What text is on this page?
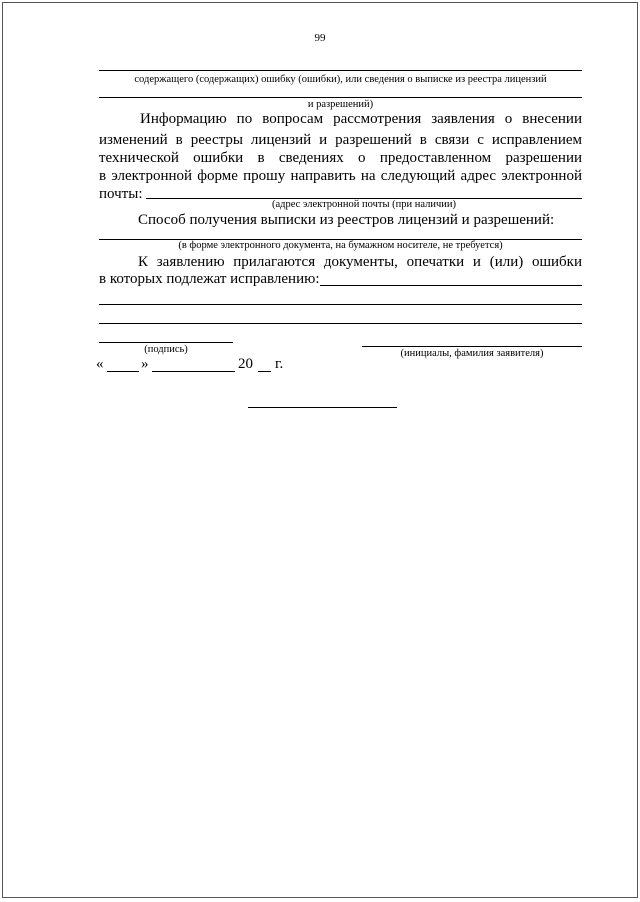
99
содержащего (содержащих) ошибку (ошибки), или сведения о выписке из реестра лицензий
и разрешений)
Информацию по вопросам рассмотрения заявления о внесении
изменений в реестры лицензий и разрешений в связи с исправлением
технической ошибки в сведениях о предоставленном разрешении
в электронной форме прошу направить на следующий адрес электронной
почты:
(адрес электронной почты (при наличии)
Способ получения выписки из реестров лицензий и разрешений:
(в форме электронного документа, на бумажном носителе, не требуется)
К заявлению прилагаются документы, опечатки и (или) ошибки
в которых подлежат исправлению:
(подпись)	(инициалы, фамилия заявителя)
«	»	20 г.
